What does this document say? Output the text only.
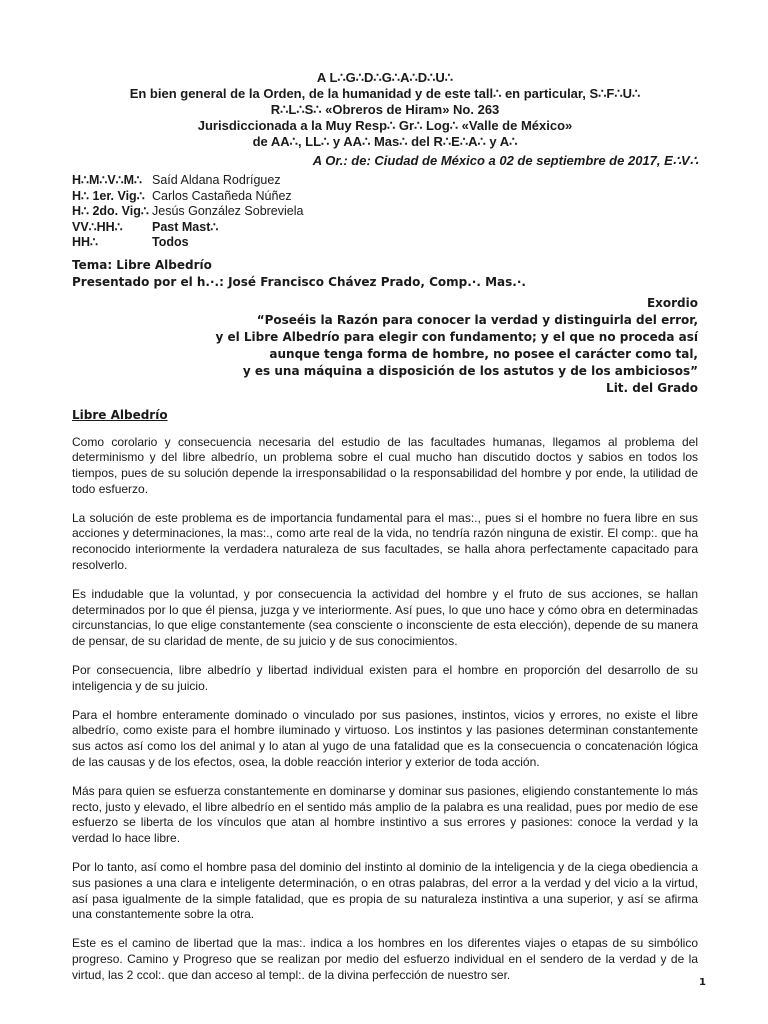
A L∴G∴D∴G∴A∴D∴U∴
En bien general de la Orden, de la humanidad y de este tall∴ en particular, S∴F∴U∴
R∴L∴S∴ «Obreros de Hiram» No. 263
Jurisdiccionada a la Muy Resp∴ Gr∴ Log∴ «Valle de México»
de AA∴, LL∴ y AA∴ Mas∴ del R∴E∴A∴ y A∴
A Or.: de: Ciudad de México a 02 de septiembre de 2017, E∴V∴
H∴M∴V∴M∴ Saíd Aldana Rodríguez
H∴ 1er. Vig∴ Carlos Castañeda Núñez
H∴ 2do. Vig∴ Jesús González Sobreviela
VV∴HH∴	Past Mast∴
HH∴	Todos
Tema: Libre Albedrío
Presentado por el h.·.: José Francisco Chávez Prado, Comp.·. Mas.·.
Exordio
“Poseéis la Razón para conocer la verdad y distinguirla del error,
y el Libre Albedrío para elegir con fundamento; y el que no proceda así
aunque tenga forma de hombre, no posee el carácter como tal,
y es una máquina a disposición de los astutos y de los ambiciosos”
Lit. del Grado
Libre Albedrío

Como corolario y consecuencia necesaria del estudio de las facultades humanas, llegamos al problema del determinismo y del libre albedrío, un problema sobre el cual mucho han discutido doctos y sabios en todos los tiempos, pues de su solución depende la irresponsabilidad o la responsabilidad del hombre y por ende, la utilidad de todo esfuerzo.

La solución de este problema es de importancia fundamental para el mas:., pues si el hombre no fuera libre en sus acciones y determinaciones, la mas:., como arte real de la vida, no tendría razón ninguna de existir. El comp:. que ha reconocido interiormente la verdadera naturaleza de sus facultades, se halla ahora perfectamente capacitado para resolverlo.

Es indudable que la voluntad, y por consecuencia la actividad del hombre y el fruto de sus acciones, se hallan determinados por lo que él piensa, juzga y ve interiormente. Así pues, lo que uno hace y cómo obra en determinadas circunstancias, lo que elige constantemente (sea consciente o inconsciente de esta elección), depende de su manera de pensar, de su claridad de mente, de su juicio y de sus conocimientos.

Por consecuencia, libre albedrío y libertad individual existen para el hombre en proporción del desarrollo de su inteligencia y de su juicio.

Para el hombre enteramente dominado o vinculado por sus pasiones, instintos, vicios y errores, no existe el libre albedrío, como existe para el hombre iluminado y virtuoso. Los instintos y las pasiones determinan constantemente sus actos así como los del animal y lo atan al yugo de una fatalidad que es la consecuencia o concatenación lógica de las causas y de los efectos, osea, la doble reacción interior y exterior de toda acción.

Más para quien se esfuerza constantemente en dominarse y dominar sus pasiones, eligiendo constantemente lo más recto, justo y elevado, el libre albedrío en el sentido más amplio de la palabra es una realidad, pues por medio de ese esfuerzo se liberta de los vínculos que atan al hombre instintivo a sus errores y pasiones: conoce la verdad y la verdad lo hace libre.

Por lo tanto, así como el hombre pasa del dominio del instinto al dominio de la inteligencia y de la ciega obediencia a sus pasiones a una clara e inteligente determinación, o en otras palabras, del error a la verdad y del vicio a la virtud, así pasa igualmente de la simple fatalidad, que es propia de su naturaleza instintiva a una superior, y así se afirma una constantemente sobre la otra.

Este es el camino de libertad que la mas:. indica a los hombres en los diferentes viajes o etapas de su simbólico progreso. Camino y Progreso que se realizan por medio del esfuerzo individual en el sendero de la verdad y de la virtud, las 2 ccol:. que dan acceso al templ:. de la divina perfección de nuestro ser.

1
